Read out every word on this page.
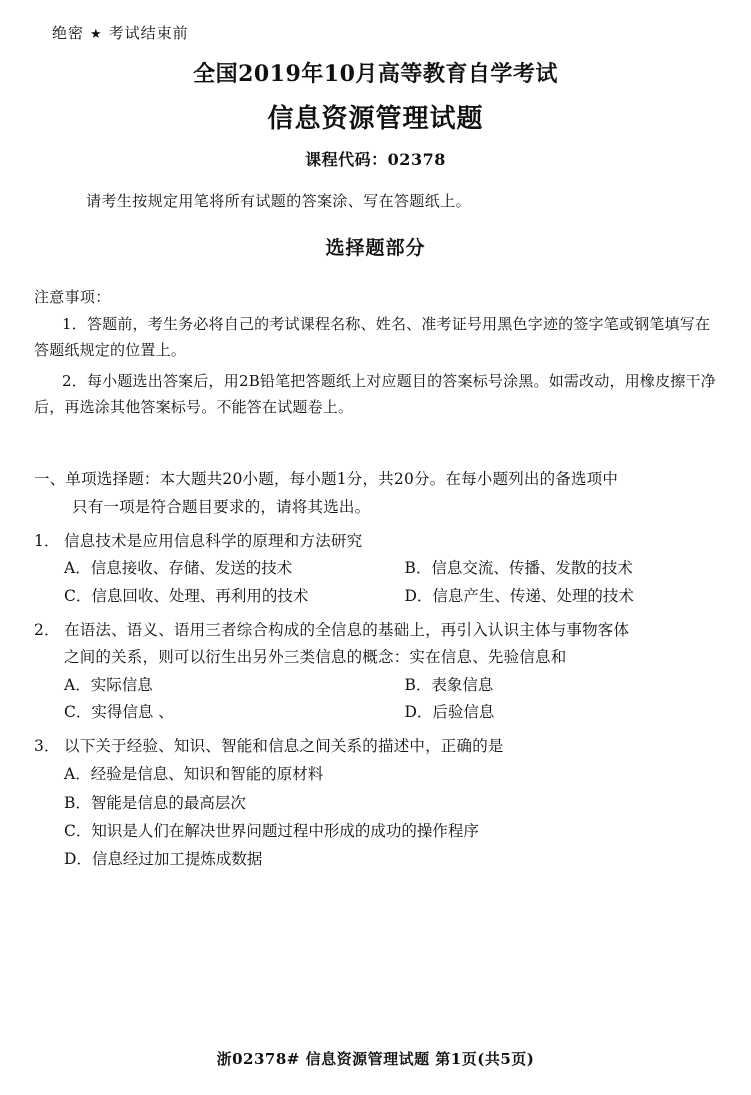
绝密 ★ 考试结束前
全国2019年10月高等教育自学考试
信息资源管理试题
课程代码：02378
请考生按规定用笔将所有试题的答案涂、写在答题纸上。
选择题部分
注意事项：
1．答题前，考生务必将自己的考试课程名称、姓名、准考证号用黑色字迹的签字笔或钢笔填写在答题纸规定的位置上。
2．每小题选出答案后，用2B铅笔把答题纸上对应题目的答案标号涂黑。如需改动，用橡皮擦干净后，再选涂其他答案标号。不能答在试题卷上。
一、单项选择题：本大题共20小题，每小题1分，共20分。在每小题列出的备选项中
只有一项是符合题目要求的，请将其选出。
1． 信息技术是应用信息科学的原理和方法研究
A．信息接收、存储、发送的技术	B．信息交流、传播、发散的技术
C．信息回收、处理、再利用的技术	D．信息产生、传递、处理的技术
2． 在语法、语义、语用三者综合构成的全信息的基础上，再引入认识主体与事物客体
之间的关系，则可以衍生出另外三类信息的概念：实在信息、先验信息和
A．实际信息	B．表象信息
C．实得信息 、	D．后验信息
3． 以下关于经验、知识、智能和信息之间关系的描述中，正确的是
A．经验是信息、知识和智能的原材料
B．智能是信息的最高层次
C．知识是人们在解决世界问题过程中形成的成功的操作程序
D．信息经过加工提炼成数据
浙02378# 信息资源管理试题 第1页(共5页)
